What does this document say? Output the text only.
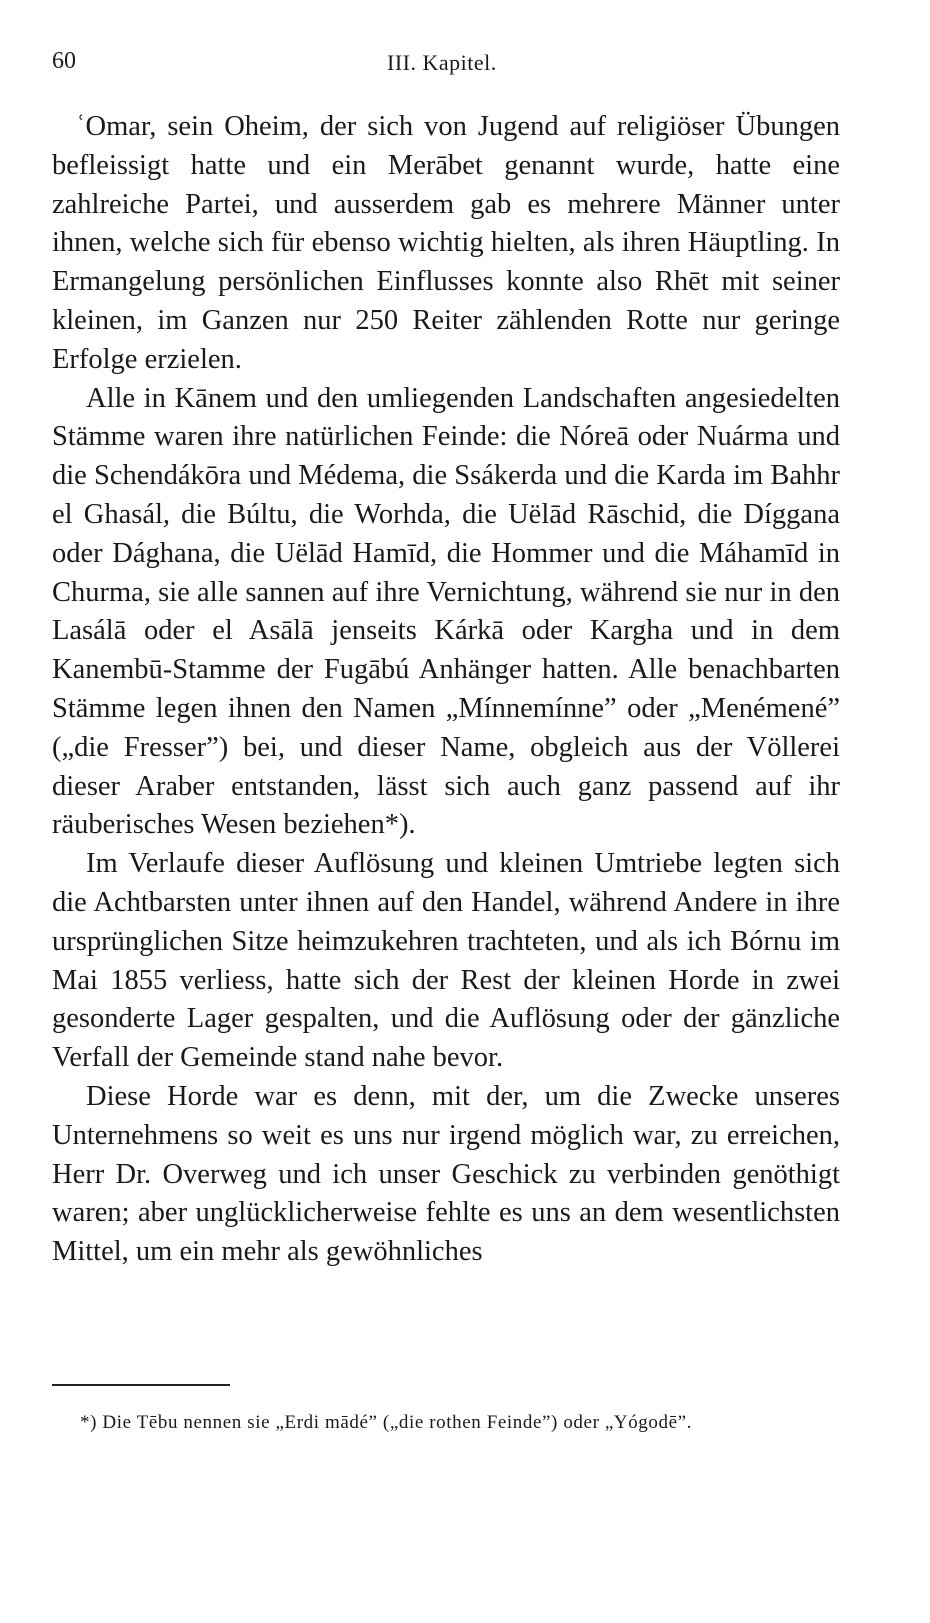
60	III. Kapitel.

ʿOmar, sein Oheim, der sich von Jugend auf religiöser Übungen befleissigt hatte und ein Merābet genannt wurde, hatte eine zahlreiche Partei, und ausserdem gab es mehrere Männer unter ihnen, welche sich für ebenso wichtig hielten, als ihren Häuptling. In Ermangelung persönlichen Einflusses konnte also Rhēt mit seiner kleinen, im Ganzen nur 250 Reiter zählenden Rotte nur geringe Erfolge erzielen.

Alle in Kānem und den umliegenden Landschaften angesiedelten Stämme waren ihre natürlichen Feinde: die Nóreā oder Nuárma und die Schendákōra und Médema, die Ssákerda und die Karda im Bahhr el Ghasál, die Búltu, die Worhda, die Uëlād Rāschid, die Díggana oder Dághana, die Uëlād Hamīd, die Hommer und die Máhamīd in Churma, sie alle sannen auf ihre Vernichtung, während sie nur in den Lasálā oder el Asālā jenseits Kárkā oder Kargha und in dem Kanembū-Stamme der Fugābú Anhänger hatten. Alle benachbarten Stämme legen ihnen den Namen „Mínnemínne” oder „Menémené” („die Fresser”) bei, und dieser Name, obgleich aus der Völlerei dieser Araber entstanden, lässt sich auch ganz passend auf ihr räuberisches Wesen beziehen*).

Im Verlaufe dieser Auflösung und kleinen Umtriebe legten sich die Achtbarsten unter ihnen auf den Handel, während Andere in ihre ursprünglichen Sitze heimzukehren trachteten, und als ich Bórnu im Mai 1855 verliess, hatte sich der Rest der kleinen Horde in zwei gesonderte Lager gespalten, und die Auflösung oder der gänzliche Verfall der Gemeinde stand nahe bevor.

Diese Horde war es denn, mit der, um die Zwecke unseres Unternehmens so weit es uns nur irgend möglich war, zu erreichen, Herr Dr. Overweg und ich unser Geschick zu verbinden genöthigt waren; aber unglücklicherweise fehlte es uns an dem wesentlichsten Mittel, um ein mehr als gewöhnliches

*) Die Tēbu nennen sie „Erdi mādé” („die rothen Feinde”) oder „Yógodē”.
